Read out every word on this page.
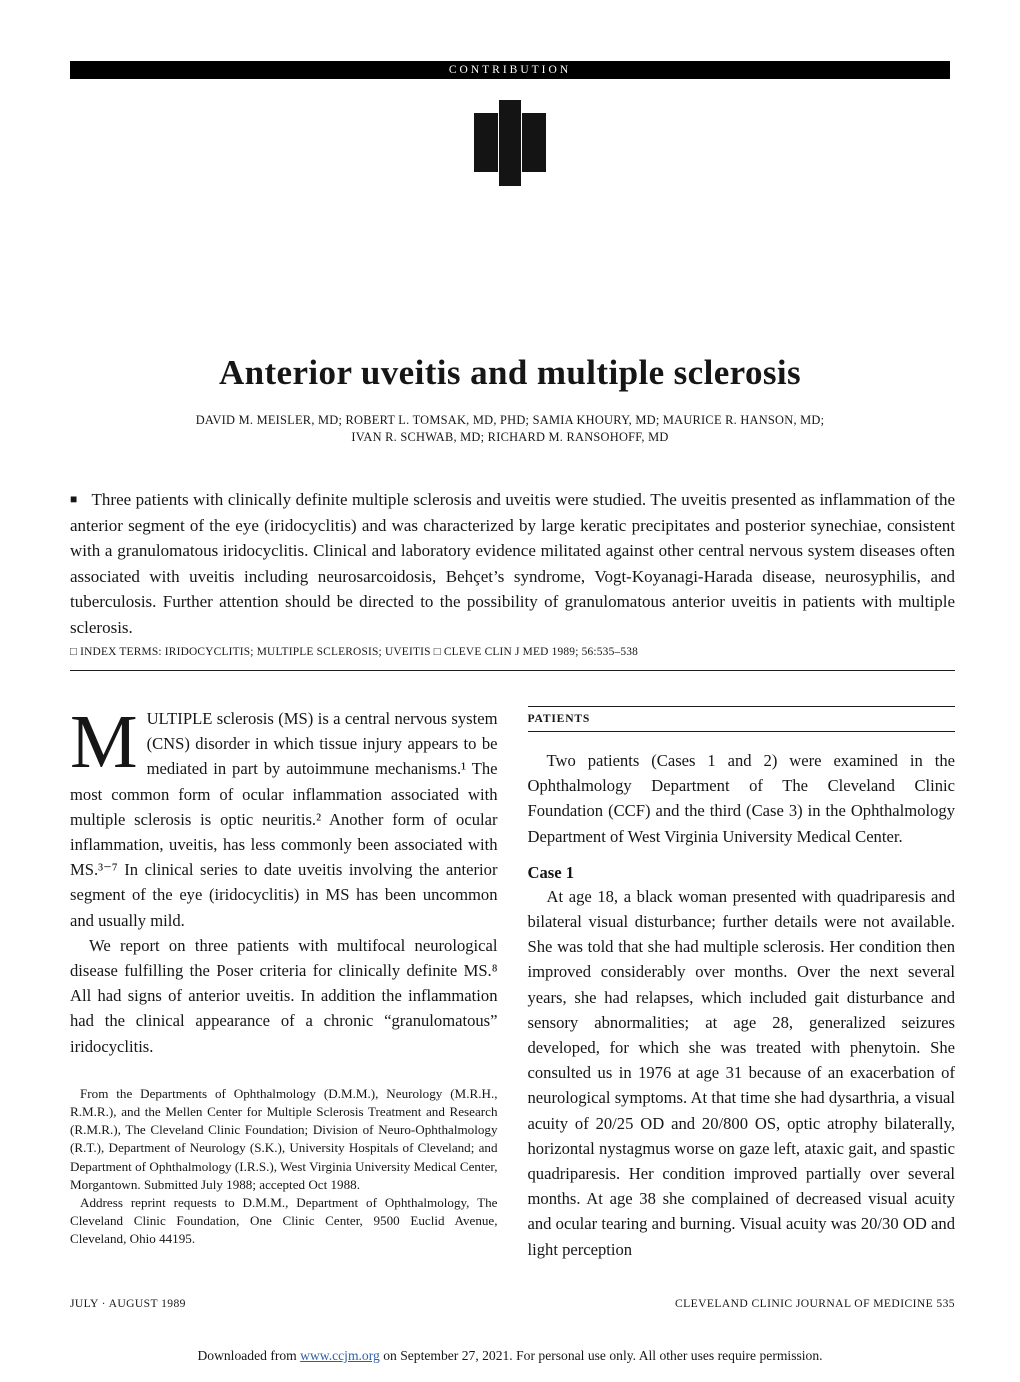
CONTRIBUTION
Anterior uveitis and multiple sclerosis
DAVID M. MEISLER, MD; ROBERT L. TOMSAK, MD, PHD; SAMIA KHOURY, MD; MAURICE R. HANSON, MD;
IVAN R. SCHWAB, MD; RICHARD M. RANSOHOFF, MD

■ Three patients with clinically definite multiple sclerosis and uveitis were studied. The uveitis presented as inflammation of the anterior segment of the eye (iridocyclitis) and was characterized by large keratic precipitates and posterior synechiae, consistent with a granulomatous iridocyclitis. Clinical and laboratory evidence militated against other central nervous system diseases often associated with uveitis including neurosarcoidosis, Behçet’s syndrome, Vogt-Koyanagi-Harada disease, neurosyphilis, and tuberculosis. Further attention should be directed to the possibility of granulomatous anterior uveitis in patients with multiple sclerosis.

□ INDEX TERMS: IRIDOCYCLITIS; MULTIPLE SCLEROSIS; UVEITIS □ CLEVE CLIN J MED 1989; 56:535–538

MULTIPLE sclerosis (MS) is a central nervous system (CNS) disorder in which tissue injury appears to be mediated in part by autoimmune mechanisms.¹ The most common form of ocular inflammation associated with multiple sclerosis is optic neuritis.² Another form of ocular inflammation, uveitis, has less commonly been associated with MS.³⁻⁷ In clinical series to date uveitis involving the anterior segment of the eye (iridocyclitis) in MS has been uncommon and usually mild.

We report on three patients with multifocal neurological disease fulfilling the Poser criteria for clinically definite MS.⁸ All had signs of anterior uveitis. In addition the inflammation had the clinical appearance of a chronic “granulomatous” iridocyclitis.

From the Departments of Ophthalmology (D.M.M.), Neurology (M.R.H., R.M.R.), and the Mellen Center for Multiple Sclerosis Treatment and Research (R.M.R.), The Cleveland Clinic Foundation; Division of Neuro-Ophthalmology (R.T.), Department of Neurology (S.K.), University Hospitals of Cleveland; and Department of Ophthalmology (I.R.S.), West Virginia University Medical Center, Morgantown. Submitted July 1988; accepted Oct 1988.

Address reprint requests to D.M.M., Department of Ophthalmology, The Cleveland Clinic Foundation, One Clinic Center, 9500 Euclid Avenue, Cleveland, Ohio 44195.

PATIENTS

Two patients (Cases 1 and 2) were examined in the Ophthalmology Department of The Cleveland Clinic Foundation (CCF) and the third (Case 3) in the Ophthalmology Department of West Virginia University Medical Center.

Case 1

At age 18, a black woman presented with quadriparesis and bilateral visual disturbance; further details were not available. She was told that she had multiple sclerosis. Her condition then improved considerably over months. Over the next several years, she had relapses, which included gait disturbance and sensory abnormalities; at age 28, generalized seizures developed, for which she was treated with phenytoin. She consulted us in 1976 at age 31 because of an exacerbation of neurological symptoms. At that time she had dysarthria, a visual acuity of 20/25 OD and 20/800 OS, optic atrophy bilaterally, horizontal nystagmus worse on gaze left, ataxic gait, and spastic quadriparesis. Her condition improved partially over several months. At age 38 she complained of decreased visual acuity and ocular tearing and burning. Visual acuity was 20/30 OD and light perception

JULY · AUGUST 1989	CLEVELAND CLINIC JOURNAL OF MEDICINE 535
Downloaded from www.ccjm.org on September 27, 2021. For personal use only. All other uses require permission.
